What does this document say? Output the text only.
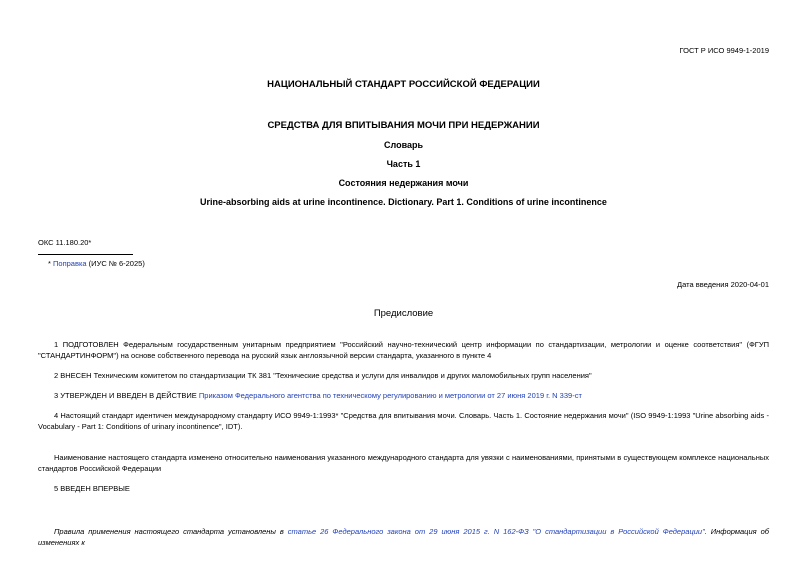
ГОСТ Р ИСО 9949-1-2019
НАЦИОНАЛЬНЫЙ СТАНДАРТ РОССИЙСКОЙ ФЕДЕРАЦИИ
СРЕДСТВА ДЛЯ ВПИТЫВАНИЯ МОЧИ ПРИ НЕДЕРЖАНИИ
Словарь
Часть 1
Состояния недержания мочи
Urine-absorbing aids at urine incontinence. Dictionary. Part 1. Conditions of urine incontinence
ОКС 11.180.20*
* Поправка (ИУС № 6-2025)
Дата введения 2020-04-01
Предисловие
1 ПОДГОТОВЛЕН Федеральным государственным унитарным предприятием "Российский научно-технический центр информации по стандартизации, метрологии и оценке соответствия" (ФГУП "СТАНДАРТИНФОРМ") на основе собственного перевода на русский язык англоязычной версии стандарта, указанного в пункте 4
2 ВНЕСЕН Техническим комитетом по стандартизации ТК 381 "Технические средства и услуги для инвалидов и других маломобильных групп населения"
3 УТВЕРЖДЕН И ВВЕДЕН В ДЕЙСТВИЕ Приказом Федерального агентства по техническому регулированию и метрологии от 27 июня 2019 г. N 339-ст
4 Настоящий стандарт идентичен международному стандарту ИСО 9949-1:1993* "Средства для впитывания мочи. Словарь. Часть 1. Состояние недержания мочи" (ISO 9949-1:1993 "Urine absorbing aids - Vocabulary - Part 1: Conditions of urinary incontinence", IDT).
Наименование настоящего стандарта изменено относительно наименования указанного международного стандарта для увязки с наименованиями, принятыми в существующем комплексе национальных стандартов Российской Федерации
5 ВВЕДЕН ВПЕРВЫЕ
Правила применения настоящего стандарта установлены в статье 26 Федерального закона от 29 июня 2015 г. N 162-ФЗ "О стандартизации в Российской Федерации". Информация об изменениях к
